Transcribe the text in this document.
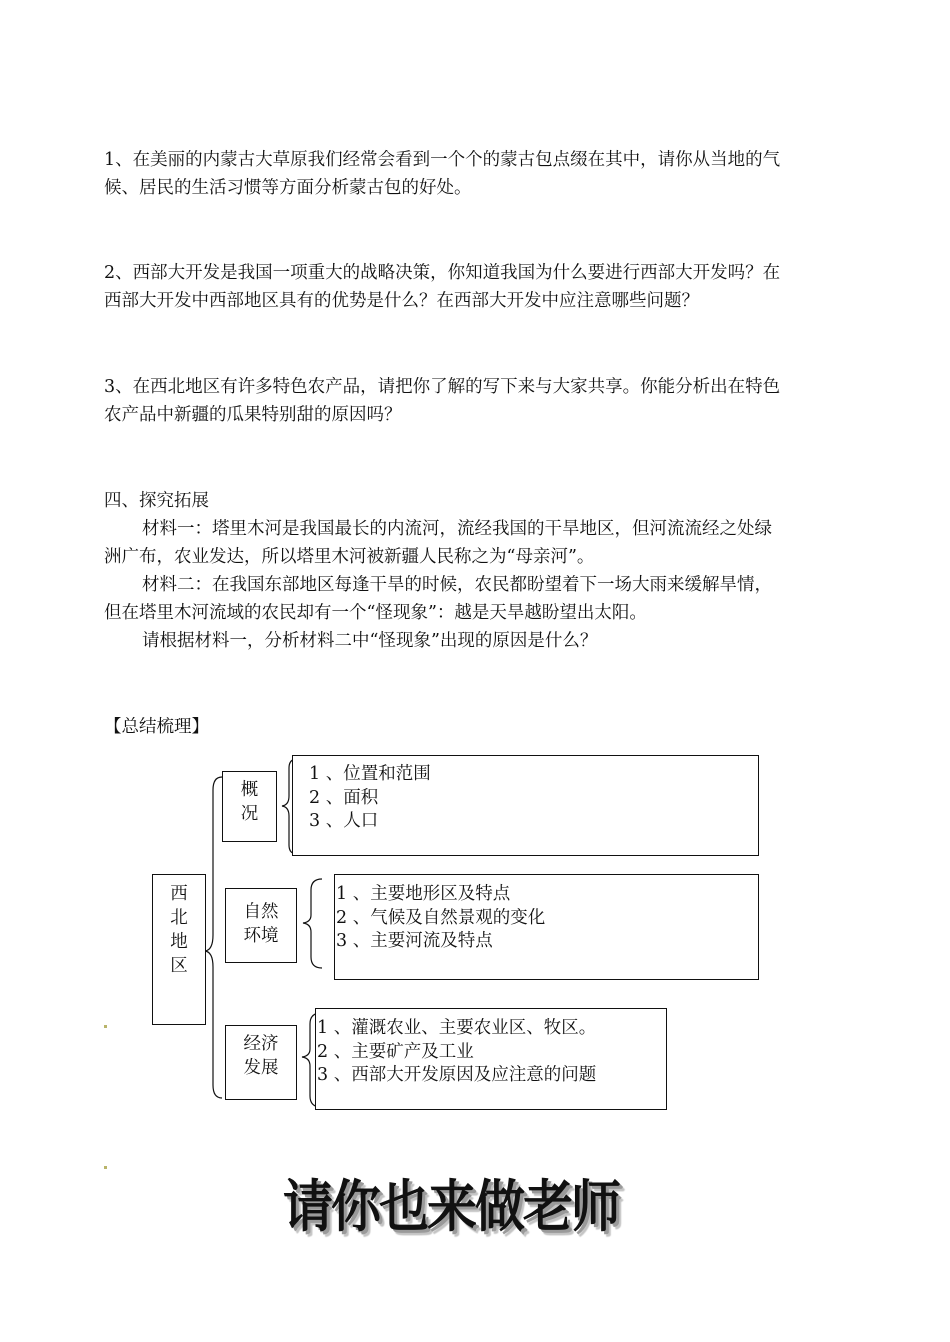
1、在美丽的内蒙古大草原我们经常会看到一个个的蒙古包点缀在其中，请你从当地的气
候、居民的生活习惯等方面分析蒙古包的好处。
2、西部大开发是我国一项重大的战略决策，你知道我国为什么要进行西部大开发吗？在
西部大开发中西部地区具有的优势是什么？在西部大开发中应注意哪些问题？
3、在西北地区有许多特色农产品，请把你了解的写下来与大家共享。你能分析出在特色
农产品中新疆的瓜果特别甜的原因吗？
四、探究拓展
材料一：塔里木河是我国最长的内流河，流经我国的干旱地区，但河流流经之处绿
洲广布，农业发达，所以塔里木河被新疆人民称之为“母亲河”。
材料二：在我国东部地区每逢干旱的时候，农民都盼望着下一场大雨来缓解旱情，
但在塔里木河流域的农民却有一个“怪现象”：越是天旱越盼望出太阳。
请根据材料一，分析材料二中“怪现象”出现的原因是什么？
【总结梳理】
西
北
地
区
概
况
1 、位置和范围
2 、面积
3 、人口
自然
环境
1 、主要地形区及特点
2 、气候及自然景观的变化
3 、主要河流及特点
经济
发展
1 、灌溉农业、主要农业区、牧区。
2 、主要矿产及工业
3 、西部大开发原因及应注意的问题
请你也来做老师
